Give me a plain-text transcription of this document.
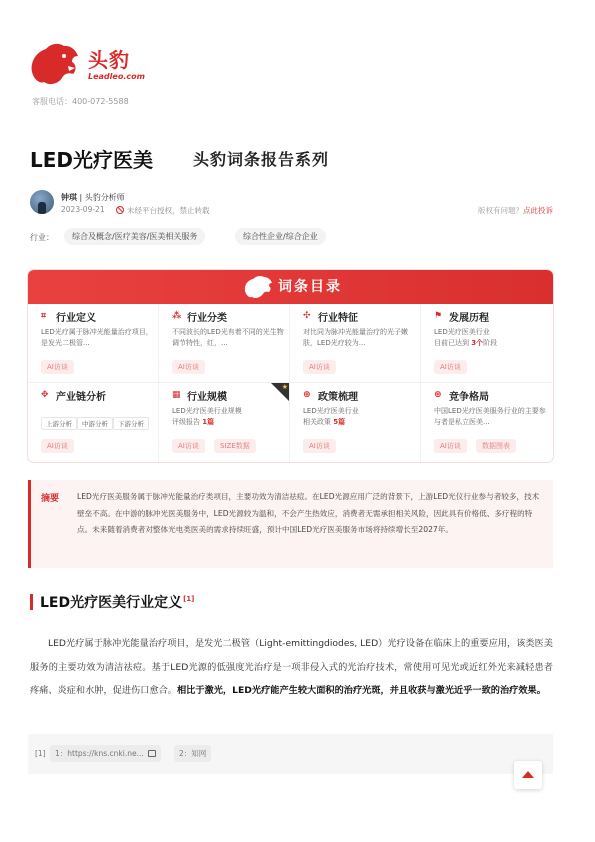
头豹
Leadleo.com
客服电话：400-072-5588
LED光疗医美 头豹词条报告系列
钟琪 | 头豹分析师
2023-09-21	未经平台授权，禁止转载	版权有问题？点此投诉
行业：	综合及概念/医疗美容/医美相关服务	综合性企业/综合企业
词条目录
⌗ 行业定义
LED光疗属于脉冲光能量治疗项目，是发光二极管...
AI访谈
⁂ 行业分类
不同波长的LED光有着不同的光生物调节特性，红，...
AI访谈
✣ 行业特征
对比同为脉冲光能量治疗的光子嫩肤，LED光疗较为...
AI访谈
⚑ 发展历程
LED光疗医美行业
目前已达到 3个阶段
AI访谈
✥ 产业链分析
上游分析	中游分析	下游分析
AI访谈
★
▦ 行业规模
LED光疗医美行业规模
评级报告 1篇
AI访谈	SIZE数据
⊕ 政策梳理
LED光疗医美行业
相关政策 5篇
AI访谈
⊛ 竞争格局
中国LED光疗医美服务行业的主要参与者是私立医美...
AI访谈	数据图表
摘要 LED光疗医美服务属于脉冲光能量治疗类项目，主要功效为清洁祛痘。在LED光源应用广泛的背景下，上游LED光仪行业参与者较多，技术壁垒不高。在中游的脉冲光医美服务中，LED光源较为温和，不会产生热效应，消费者无需承担相关风险，因此具有价格低、多疗程的特点。未来随着消费者对整体光电类医美的需求持续旺盛，预计中国LED光疗医美服务市场将持续增长至2027年。
LED光疗医美行业定义[1]
LED光疗属于脉冲光能量治疗项目，是发光二极管（Light-emittingdiodes, LED）光疗设备在临床上的重要应用，该类医美服务的主要功效为清洁祛痘。基于LED光源的低强度光治疗是一项非侵入式的光治疗技术，常使用可见光或近红外光来减轻患者疼痛、炎症和水肿，促进伤口愈合。相比于激光，LED光疗能产生较大面积的治疗光斑，并且收获与激光近乎一致的治疗效果。
[1]	1：https://kns.cnki.ne...	2：知网
